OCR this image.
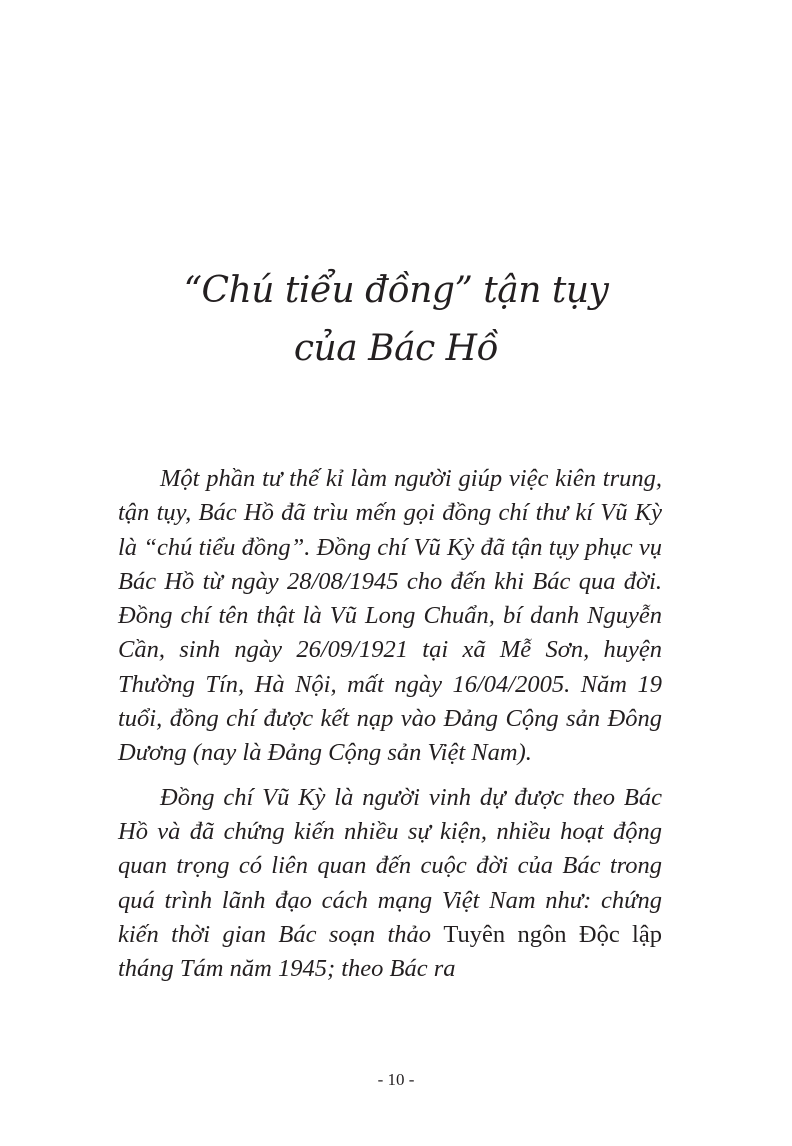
“Chú tiểu đồng” tận tụy
của Bác Hồ

Một phần tư thế kỉ làm người giúp việc kiên trung, tận tụy, Bác Hồ đã trìu mến gọi đồng chí thư kí Vũ Kỳ là “chú tiểu đồng”. Đồng chí Vũ Kỳ đã tận tụy phục vụ Bác Hồ từ ngày 28/08/1945 cho đến khi Bác qua đời. Đồng chí tên thật là Vũ Long Chuẩn, bí danh Nguyễn Cần, sinh ngày 26/09/1921 tại xã Mễ Sơn, huyện Thường Tín, Hà Nội, mất ngày 16/04/2005. Năm 19 tuổi, đồng chí được kết nạp vào Đảng Cộng sản Đông Dương (nay là Đảng Cộng sản Việt Nam).

Đồng chí Vũ Kỳ là người vinh dự được theo Bác Hồ và đã chứng kiến nhiều sự kiện, nhiều hoạt động quan trọng có liên quan đến cuộc đời của Bác trong quá trình lãnh đạo cách mạng Việt Nam như: chứng kiến thời gian Bác soạn thảo Tuyên ngôn Độc lập tháng Tám năm 1945; theo Bác ra

- 10 -
